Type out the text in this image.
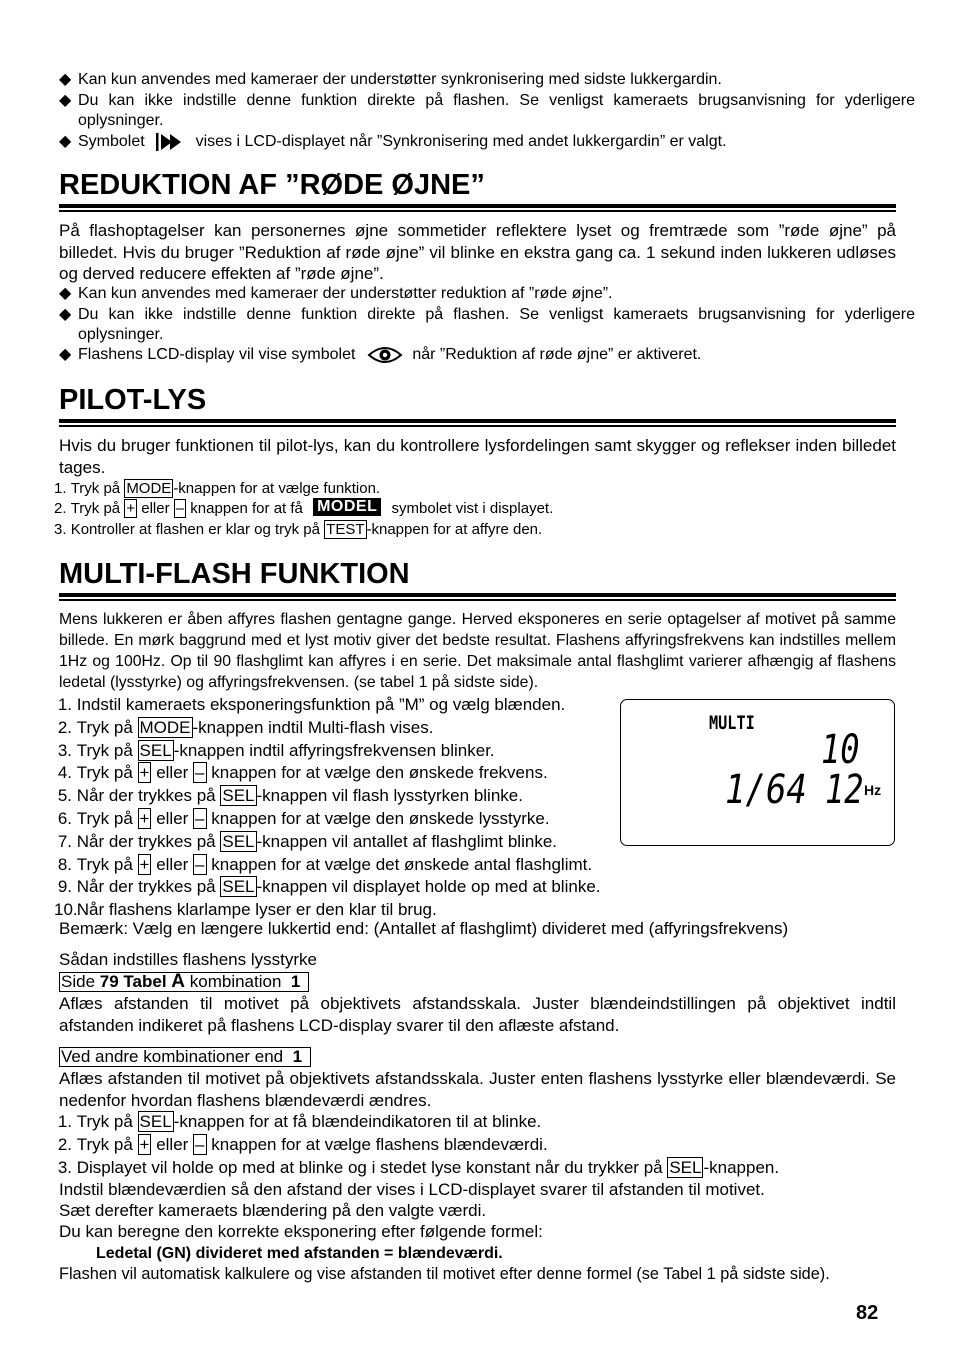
◆ Kan kun anvendes med kameraer der understøtter synkronisering med sidste lukkergardin.
◆ Du kan ikke indstille denne funktion direkte på flashen. Se venligst kameraets brugsanvisning for yderligere oplysninger.
◆ Symbolet	vises i LCD-displayet når ”Synkronisering med andet lukkergardin” er valgt.
REDUKTION AF ”RØDE ØJNE”
På flashoptagelser kan personernes øjne sommetider reflektere lyset og fremtræde som ”røde øjne” på billedet. Hvis du bruger ”Reduktion af røde øjne” vil blinke en ekstra gang ca. 1 sekund inden lukkeren udløses og derved reducere effekten af ”røde øjne”.
◆ Kan kun anvendes med kameraer der understøtter reduktion af ”røde øjne”.
◆ Du kan ikke indstille denne funktion direkte på flashen. Se venligst kameraets brugsanvisning for yderligere oplysninger.
◆ Flashens LCD-display vil vise symbolet	når ”Reduktion af røde øjne” er aktiveret.
PILOT-LYS
Hvis du bruger funktionen til pilot-lys, kan du kontrollere lysfordelingen samt skygger og reflekser inden billedet tages.
1. Tryk på MODE -knappen for at vælge funktion.
2. Tryk på + eller – knappen for at få MODEL symbolet vist i displayet.
3. Kontroller at flashen er klar og tryk på TEST -knappen for at affyre den.
MULTI-FLASH FUNKTION
Mens lukkeren er åben affyres flashen gentagne gange. Herved eksponeres en serie optagelser af motivet på samme billede. En mørk baggrund med et lyst motiv giver det bedste resultat. Flashens affyringsfrekvens kan indstilles mellem 1Hz og 100Hz. Op til 90 flashglimt kan affyres i en serie. Det maksimale antal flashglimt varierer afhængig af flashens ledetal (lysstyrke) og affyringsfrekvensen. (se tabel 1 på sidste side).
1. Indstil kameraets eksponeringsfunktion på ”M” og vælg blænden.
2. Tryk på MODE -knappen indtil Multi-flash vises.
3. Tryk på SEL -knappen indtil affyringsfrekvensen blinker.
4. Tryk på + eller – knappen for at vælge den ønskede frekvens.
5. Når der trykkes på SEL -knappen vil flash lysstyrken blinke.
6. Tryk på + eller – knappen for at vælge den ønskede lysstyrke.
7. Når der trykkes på SEL -knappen vil antallet af flashglimt blinke.
8. Tryk på + eller – knappen for at vælge det ønskede antal flashglimt.
9. Når der trykkes på SEL -knappen vil displayet holde op med at blinke.
10. Når flashens klarlampe lyser er den klar til brug.
Bemærk: Vælg en længere lukkertid end: (Antallet af flashglimt) divideret med (affyringsfrekvens)
Sådan indstilles flashens lysstyrke
Side 79 Tabel A kombination 1
Aflæs afstanden til motivet på objektivets afstandsskala. Juster blændeindstillingen på objektivet indtil afstanden indikeret på flashens LCD-display svarer til den aflæste afstand.
Ved andre kombinationer end 1
Aflæs afstanden til motivet på objektivets afstandsskala. Juster enten flashens lysstyrke eller blændeværdi. Se nedenfor hvordan flashens blændeværdi ændres.
1. Tryk på SEL -knappen for at få blændeindikatoren til at blinke.
2. Tryk på + eller – knappen for at vælge flashens blændeværdi.
3. Displayet vil holde op med at blinke og i stedet lyse konstant når du trykker på SEL -knappen.
Indstil blændeværdien så den afstand der vises i LCD-displayet svarer til afstanden til motivet.
Sæt derefter kameraets blændering på den valgte værdi.
Du kan beregne den korrekte eksponering efter følgende formel:
Ledetal (GN) divideret med afstanden = blændeværdi.
Flashen vil automatisk kalkulere og vise afstanden til motivet efter denne formel (se Tabel 1 på sidste side).
MULTI
10
1/64 12 Hz
82
